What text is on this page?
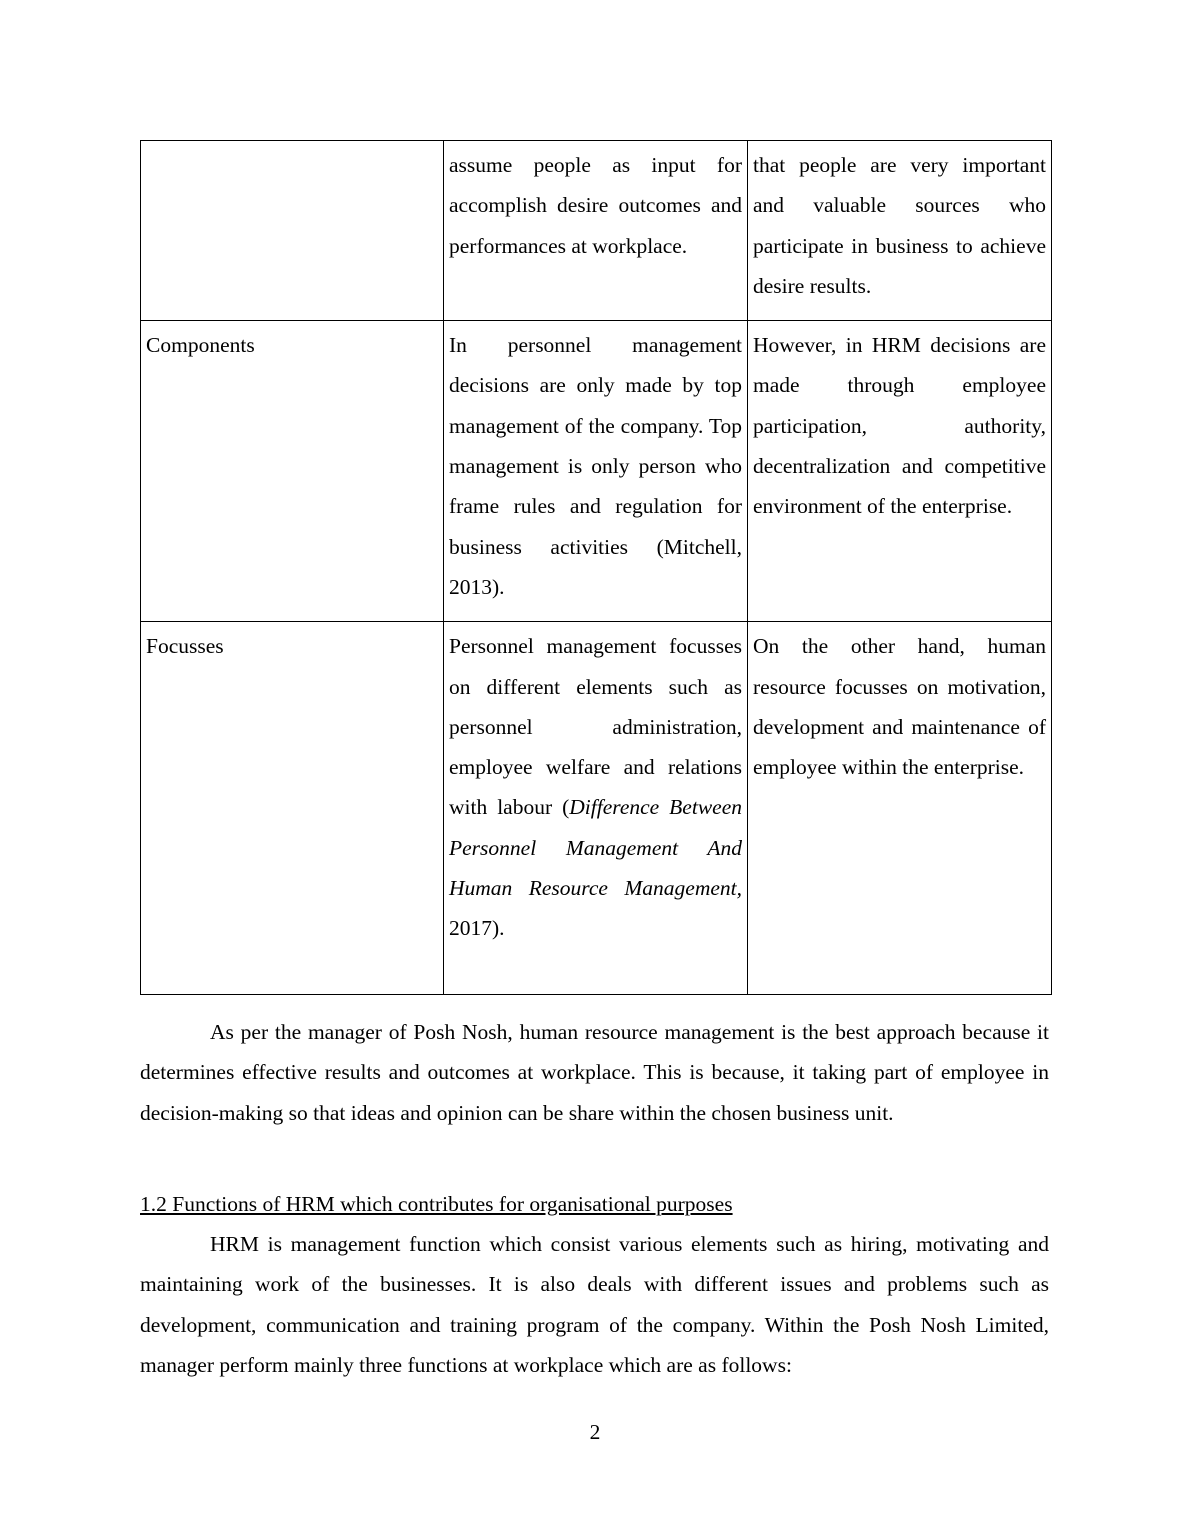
	assume people as input for accomplish desire outcomes and performances at workplace.	that people are very important and valuable sources who participate in business to achieve desire results.
Components	In personnel management decisions are only made by top management of the company. Top management is only person who frame rules and regulation for business activities (Mitchell, 2013).	However, in HRM decisions are made through employee participation, authority, decentralization and competitive environment of the enterprise.
Focusses	Personnel management focusses on different elements such as personnel administration, employee welfare and relations with labour (Difference Between Personnel Management And Human Resource Management, 2017).	On the other hand, human resource focusses on motivation, development and maintenance of employee within the enterprise.
As per the manager of Posh Nosh, human resource management is the best approach because it determines effective results and outcomes at workplace. This is because, it taking part of employee in decision-making so that ideas and opinion can be share within the chosen business unit.
1.2 Functions of HRM which contributes for organisational purposes
HRM is management function which consist various elements such as hiring, motivating and maintaining work of the businesses. It is also deals with different issues and problems such as development, communication and training program of the company. Within the Posh Nosh Limited, manager perform mainly three functions at workplace which are as follows:
2
